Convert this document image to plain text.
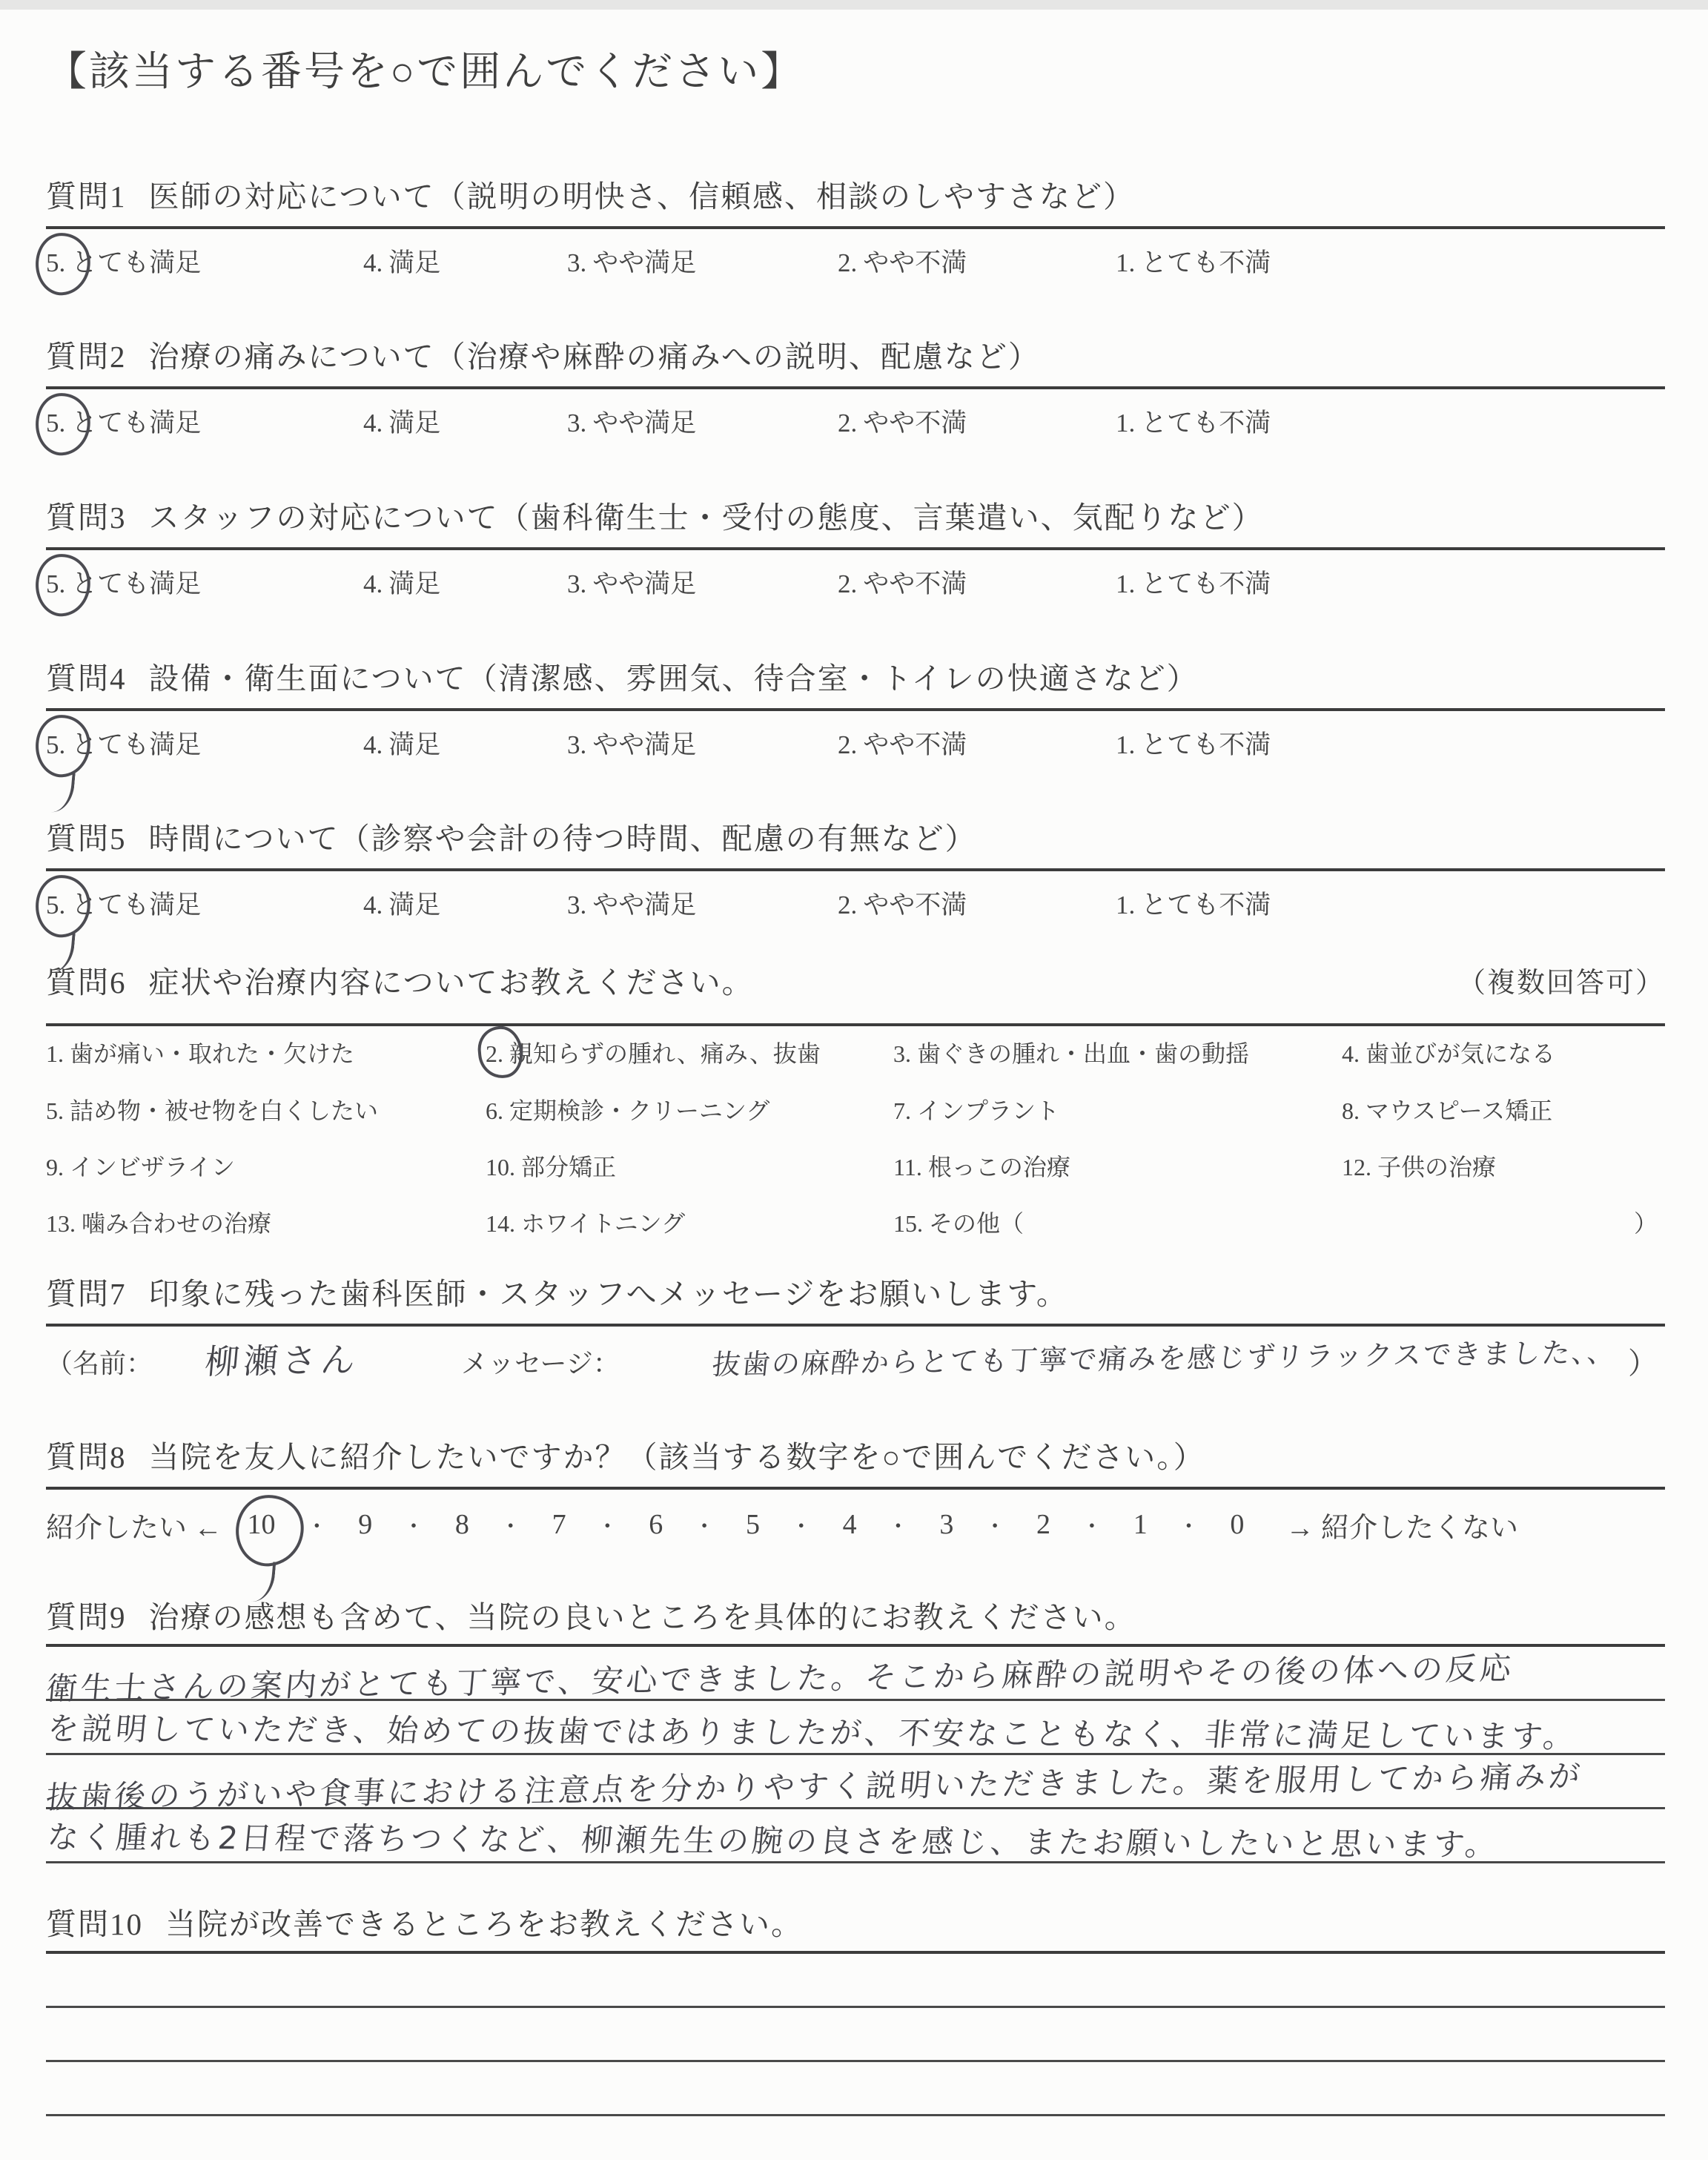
【該当する番号を○で囲んでください】
質問1 医師の対応について（説明の明快さ、信頼感、相談のしやすさなど）
5. とても満足	4. 満足	3. やや満足	2. やや不満	1. とても不満
質問2 治療の痛みについて（治療や麻酔の痛みへの説明、配慮など）
5. とても満足	4. 満足	3. やや満足	2. やや不満	1. とても不満
質問3 スタッフの対応について（歯科衛生士・受付の態度、言葉遣い、気配りなど）
5. とても満足	4. 満足	3. やや満足	2. やや不満	1. とても不満
質問4 設備・衛生面について（清潔感、雰囲気、待合室・トイレの快適さなど）
5. とても満足	4. 満足	3. やや満足	2. やや不満	1. とても不満
質問5 時間について（診察や会計の待つ時間、配慮の有無など）
5. とても満足	4. 満足	3. やや満足	2. やや不満	1. とても不満
質問6 症状や治療内容についてお教えください。	（複数回答可）
1. 歯が痛い・取れた・欠けた	2. 親知らずの腫れ、痛み、抜歯	3. 歯ぐきの腫れ・出血・歯の動揺	4. 歯並びが気になる
5. 詰め物・被せ物を白くしたい	6. 定期検診・クリーニング	7. インプラント	8. マウスピース矯正
9. インビザライン	10. 部分矯正	11. 根っこの治療	12. 子供の治療
13. 噛み合わせの治療	14. ホワイトニング	15. その他（	）
質問7 印象に残った歯科医師・スタッフへメッセージをお願いします。
（名前： 柳瀬さん	メッセージ：	抜歯の麻酔からとても丁寧で痛みを感じずリラックスできました、、 ）
質問8 当院を友人に紹介したいですか？（該当する数字を○で囲んでください。）
紹介したい ← 10 ・ 9 ・ 8 ・ 7 ・ 6 ・ 5 ・ 4 ・ 3 ・ 2 ・ 1 ・ 0 → 紹介したくない
質問9 治療の感想も含めて、当院の良いところを具体的にお教えください。
衛生士さんの案内がとても丁寧で、安心できました。そこから麻酔の説明やその後の体への反応
を説明していただき、始めての抜歯ではありましたが、不安なこともなく、非常に満足しています。
抜歯後のうがいや食事における注意点を分かりやすく説明いただきました。薬を服用してから痛みが
なく腫れも2日程で落ちつくなど、柳瀬先生の腕の良さを感じ、またお願いしたいと思います。
質問10 当院が改善できるところをお教えください。
